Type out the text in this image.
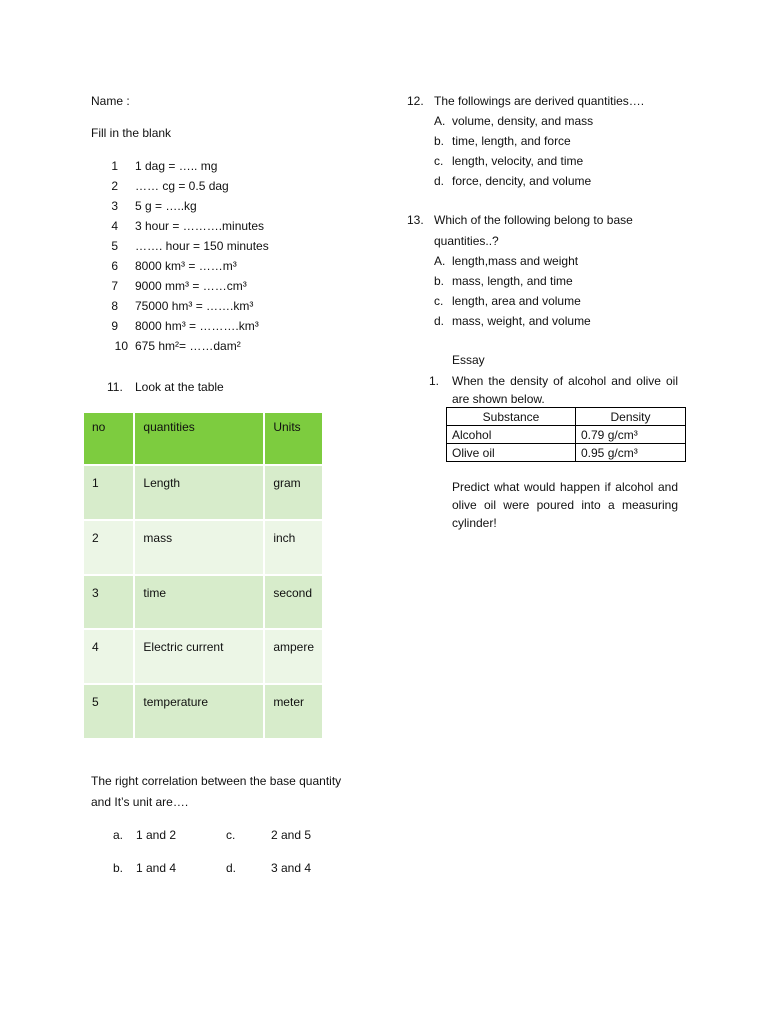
Name :
Fill in the blank
1 1 dag = ….. mg
2 …… cg = 0.5 dag
3 5 g = …..kg
4 3 hour = ……….minutes
5 ……. hour = 150 minutes
6 8000 km³ = ……m³
7 9000 mm³ = ……cm³
8 75000 hm³ = …….km³
9 8000 hm³ = ……….km³
10 675 hm²= ……dam²
11. Look at the table
no	quantities	Units
1	Length	gram
2	mass	inch
3	time	second
4	Electric current	ampere
5	temperature	meter
The right correlation between the base quantity
and It’s unit are….
a. 1 and 2	c.	2 and 5
b. 1 and 4	d.	3 and 4
12. The followings are derived quantities….
A. volume, density, and mass
b. time, length, and force
c. length, velocity, and time
d. force, dencity, and volume
13. Which of the following belong to base
quantities..?
A. length,mass and weight
b. mass, length, and time
c. length, area and volume
d. mass, weight, and volume
Essay
1. When the density of alcohol and olive oil are shown below.
Substance	Density
Alcohol	0.79 g/cm³
Olive oil	0.95 g/cm³
Predict what would happen if alcohol and olive oil were poured into a measuring cylinder!
